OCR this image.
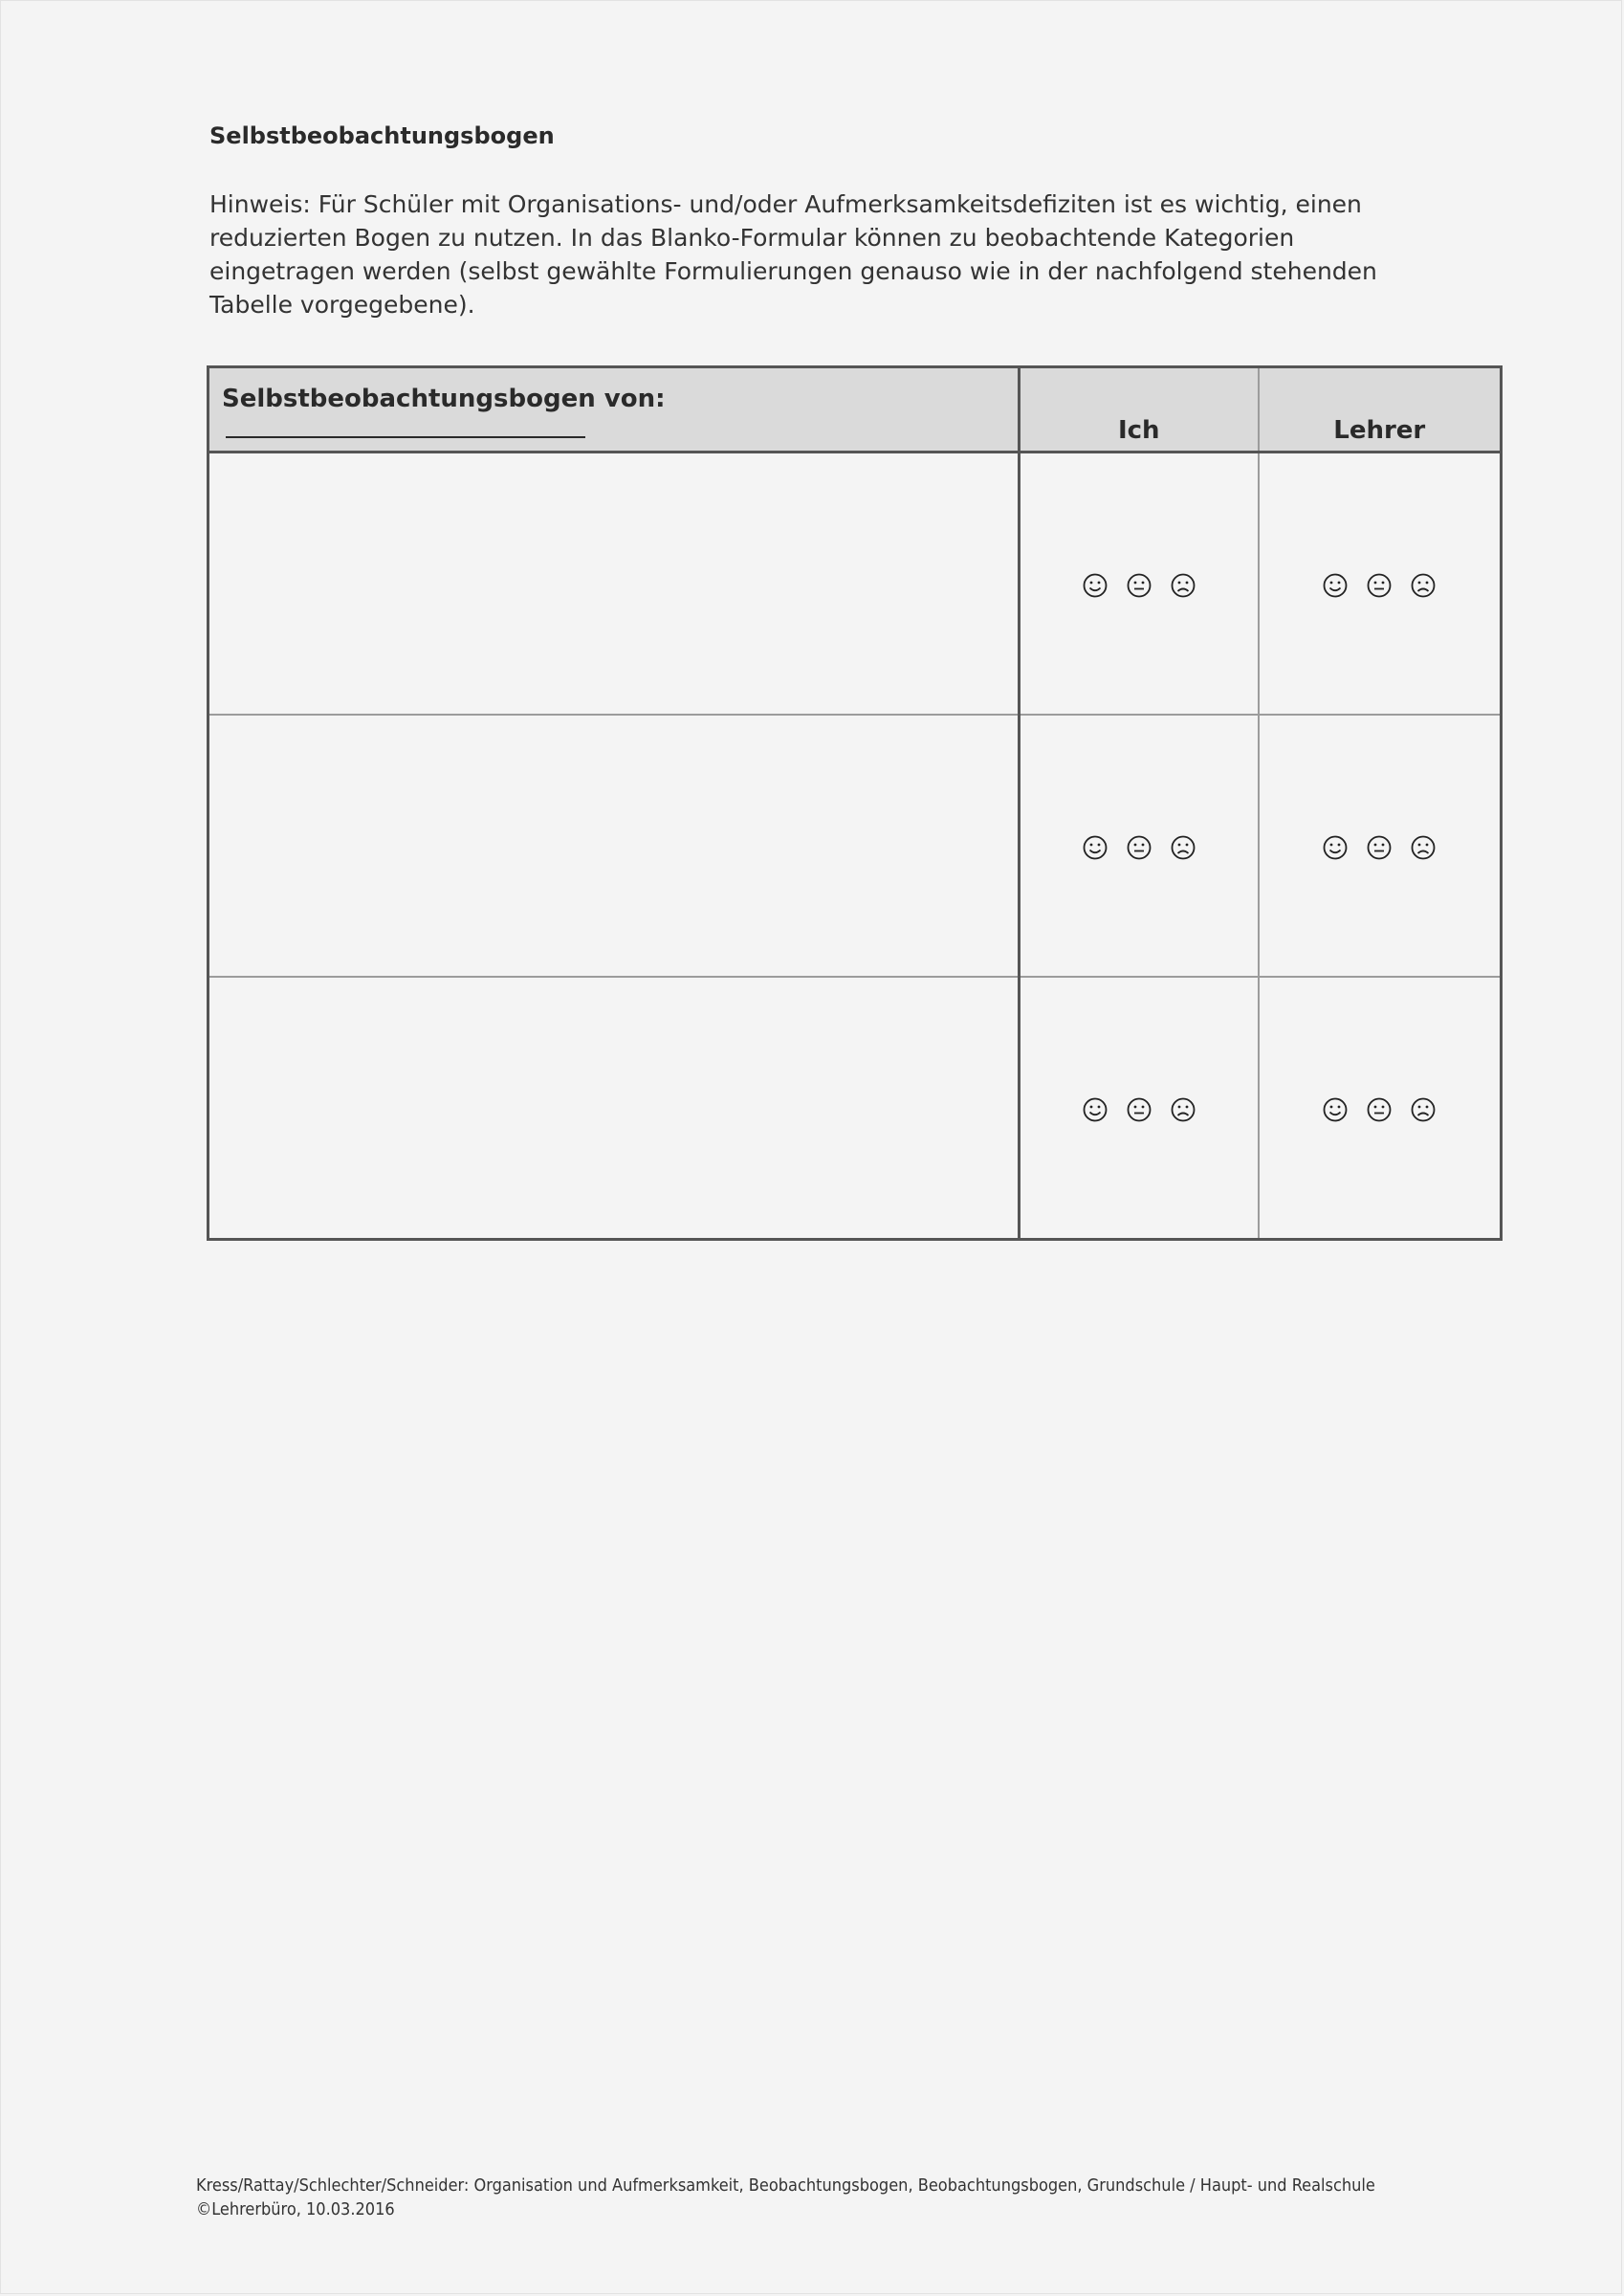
Selbstbeobachtungsbogen

Hinweis: Für Schüler mit Organisations- und/oder Aufmerksamkeitsdefiziten ist es wichtig, einen
reduzierten Bogen zu nutzen. In das Blanko-Formular können zu beobachtende Kategorien
eingetragen werden (selbst gewählte Formulierungen genauso wie in der nachfolgend stehenden
Tabelle vorgegebene).

Selbstbeobachtungsbogen von:	Ich	Lehrer

Kress/Rattay/Schlechter/Schneider: Organisation und Aufmerksamkeit, Beobachtungsbogen, Beobachtungsbogen, Grundschule / Haupt- und Realschule
©Lehrerbüro, 10.03.2016
